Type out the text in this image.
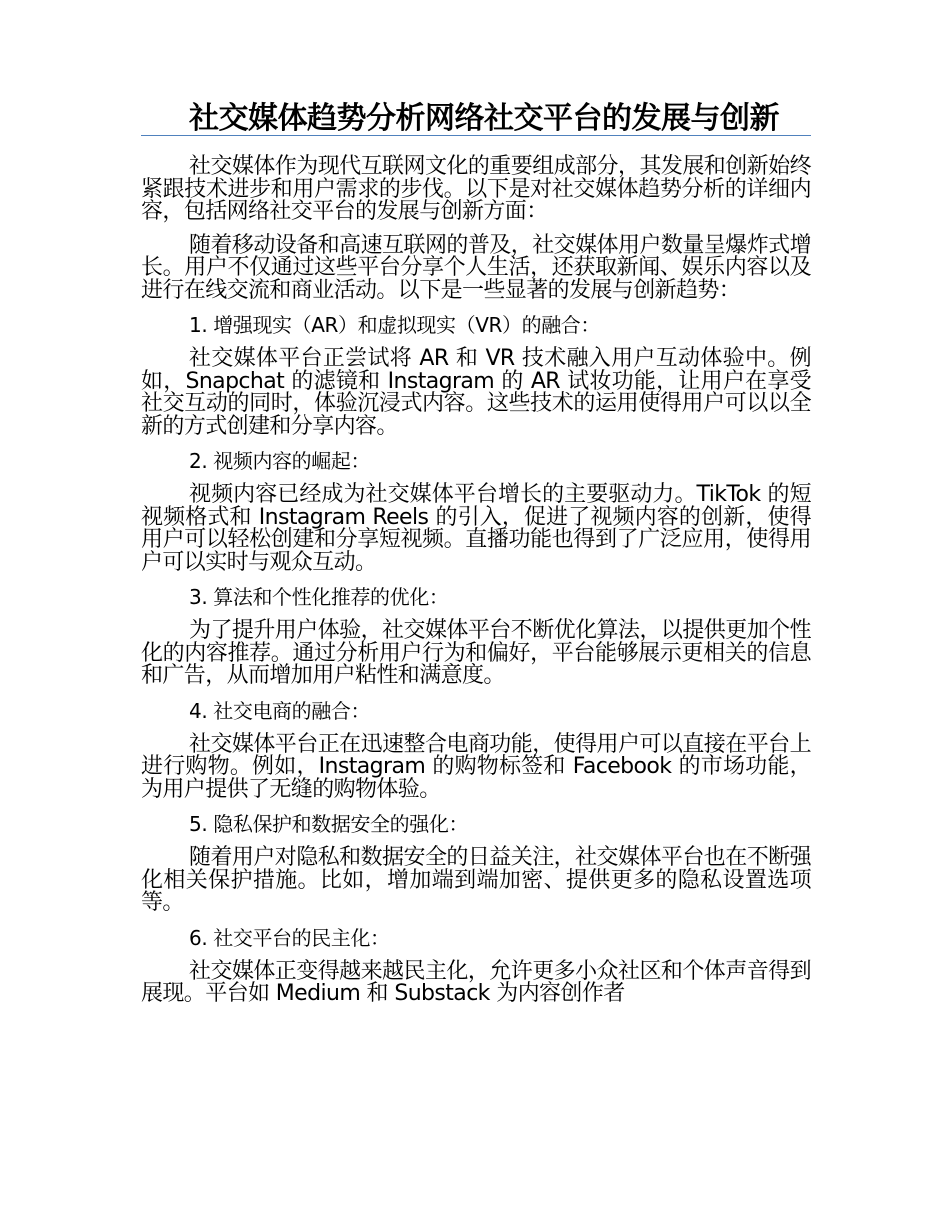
社交媒体趋势分析网络社交平台的发展与创新

社交媒体作为现代互联网文化的重要组成部分，其发展和创新始终紧跟技术进步和用户需求的步伐。以下是对社交媒体趋势分析的详细内容，包括网络社交平台的发展与创新方面：

随着移动设备和高速互联网的普及，社交媒体用户数量呈爆炸式增长。用户不仅通过这些平台分享个人生活，还获取新闻、娱乐内容以及进行在线交流和商业活动。以下是一些显著的发展与创新趋势：

1. 增强现实（AR）和虚拟现实（VR）的融合：

社交媒体平台正尝试将 AR 和 VR 技术融入用户互动体验中。例如，Snapchat 的滤镜和 Instagram 的 AR 试妆功能，让用户在享受社交互动的同时，体验沉浸式内容。这些技术的运用使得用户可以以全新的方式创建和分享内容。

2. 视频内容的崛起：

视频内容已经成为社交媒体平台增长的主要驱动力。TikTok 的短视频格式和 Instagram Reels 的引入，促进了视频内容的创新，使得用户可以轻松创建和分享短视频。直播功能也得到了广泛应用，使得用户可以实时与观众互动。

3. 算法和个性化推荐的优化：

为了提升用户体验，社交媒体平台不断优化算法，以提供更加个性化的内容推荐。通过分析用户行为和偏好，平台能够展示更相关的信息和广告，从而增加用户粘性和满意度。

4. 社交电商的融合：

社交媒体平台正在迅速整合电商功能，使得用户可以直接在平台上进行购物。例如，Instagram 的购物标签和 Facebook 的市场功能，为用户提供了无缝的购物体验。

5. 隐私保护和数据安全的强化：

随着用户对隐私和数据安全的日益关注，社交媒体平台也在不断强化相关保护措施。比如，增加端到端加密、提供更多的隐私设置选项等。

6. 社交平台的民主化：

社交媒体正变得越来越民主化，允许更多小众社区和个体声音得到展现。平台如 Medium 和 Substack 为内容创作者
